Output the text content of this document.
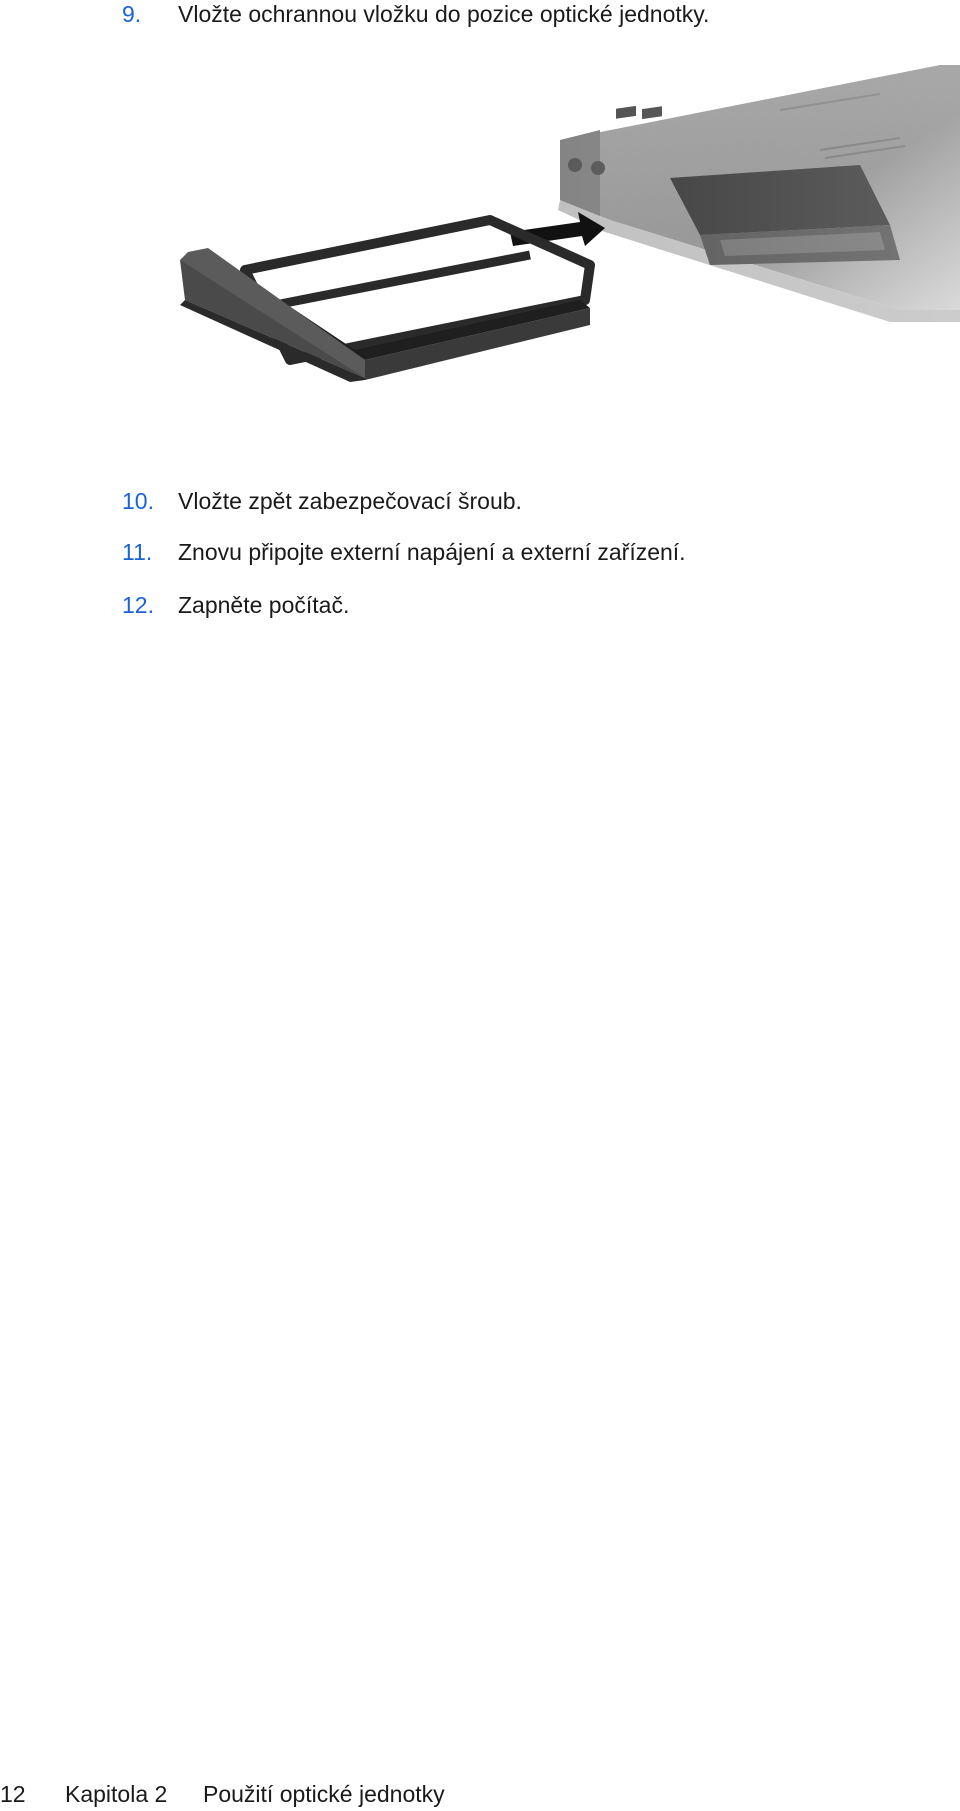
9. Vložte ochrannou vložku do pozice optické jednotky.
10. Vložte zpět zabezpečovací šroub.
11. Znovu připojte externí napájení a externí zařízení.
12. Zapněte počítač.
12 Kapitola 2 Použití optické jednotky
